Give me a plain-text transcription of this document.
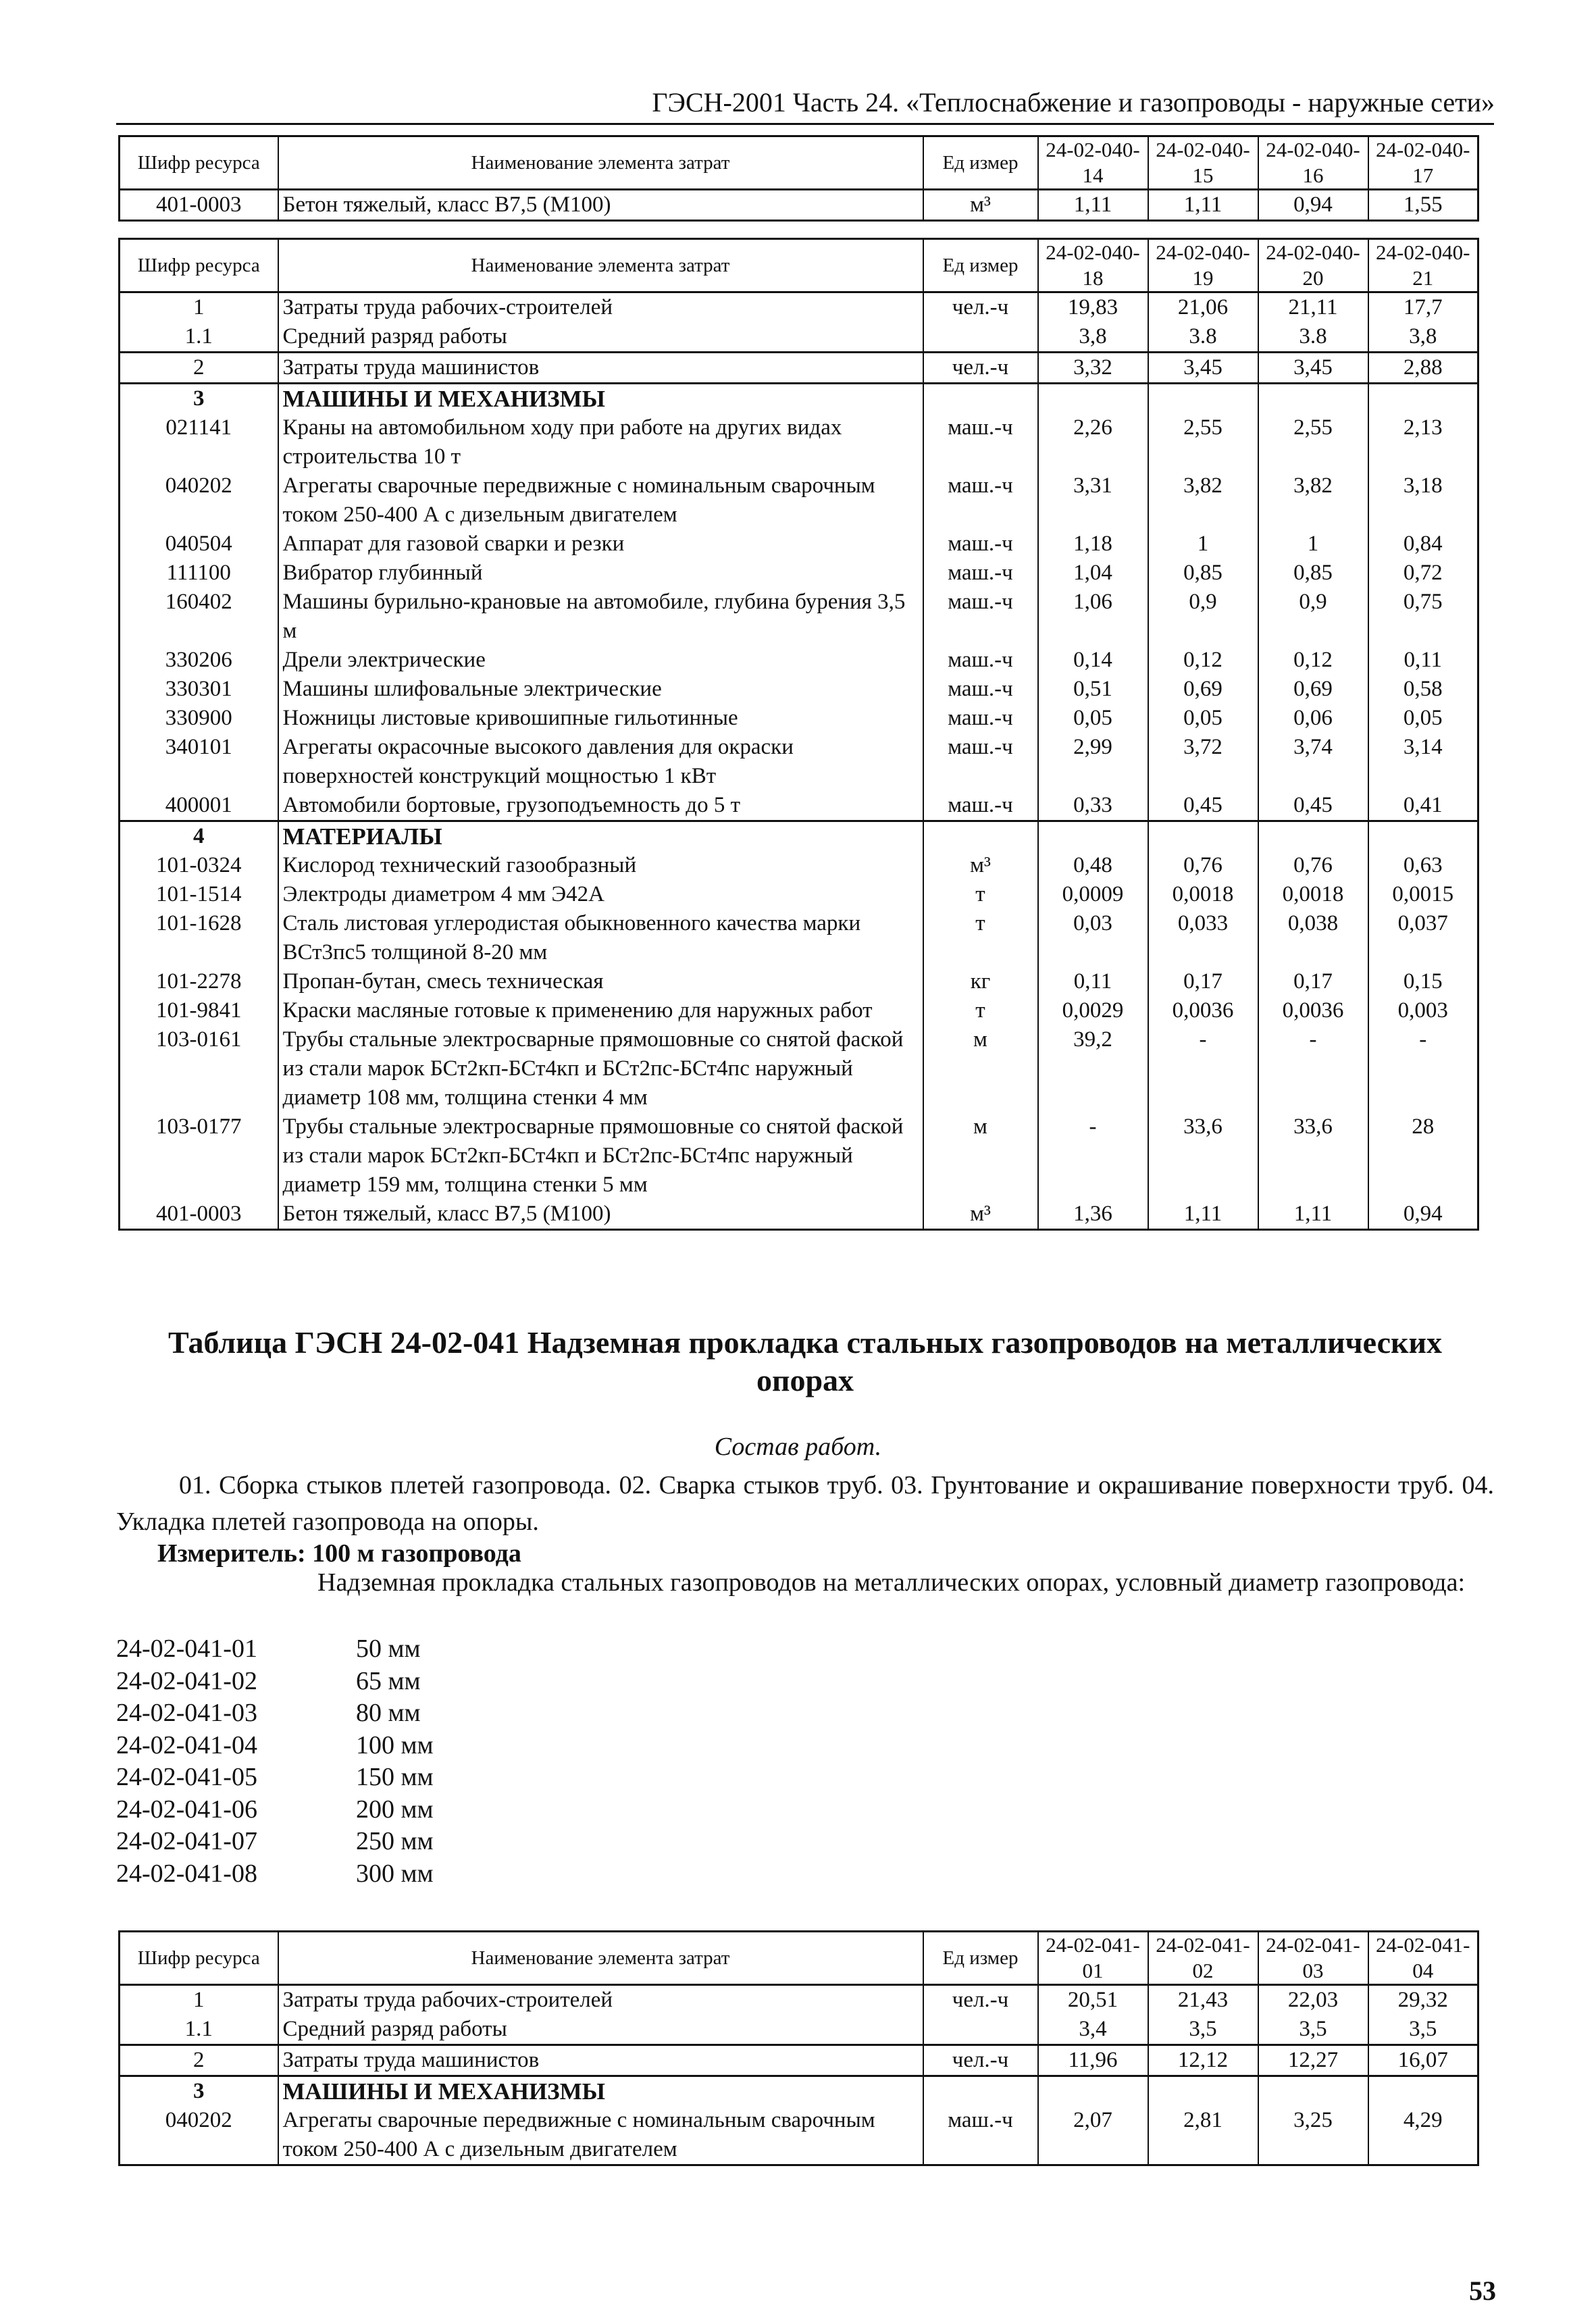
ГЭСН-2001 Часть 24. «Теплоснабжение и газопроводы - наружные сети»
Шифр ресурса	Наименование элемента затрат	Ед измер	24-02-040-14	24-02-040-15	24-02-040-16	24-02-040-17
401-0003	Бетон тяжелый, класс В7,5 (М100)	м³	1,11	1,11	0,94	1,55
Шифр ресурса	Наименование элемента затрат	Ед измер	24-02-040-18	24-02-040-19	24-02-040-20	24-02-040-21
1	Затраты труда рабочих-строителей	чел.-ч	19,83	21,06	21,11	17,7
1.1	Средний разряд работы		3,8	3.8	3.8	3,8
2	Затраты труда машинистов	чел.-ч	3,32	3,45	3,45	2,88
3	МАШИНЫ И МЕХАНИЗМЫ					
021141	Краны на автомобильном ходу при работе на других видах строительства 10 т	маш.-ч	2,26	2,55	2,55	2,13
040202	Агрегаты сварочные передвижные с номинальным сварочным током 250-400 А с дизельным двигателем	маш.-ч	3,31	3,82	3,82	3,18
040504	Аппарат для газовой сварки и резки	маш.-ч	1,18	1	1	0,84
111100	Вибратор глубинный	маш.-ч	1,04	0,85	0,85	0,72
160402	Машины бурильно-крановые на автомобиле, глубина бурения 3,5 м	маш.-ч	1,06	0,9	0,9	0,75
330206	Дрели электрические	маш.-ч	0,14	0,12	0,12	0,11
330301	Машины шлифовальные электрические	маш.-ч	0,51	0,69	0,69	0,58
330900	Ножницы листовые кривошипные гильотинные	маш.-ч	0,05	0,05	0,06	0,05
340101	Агрегаты окрасочные высокого давления для окраски поверхностей конструкций мощностью 1 кВт	маш.-ч	2,99	3,72	3,74	3,14
400001	Автомобили бортовые, грузоподъемность до 5 т	маш.-ч	0,33	0,45	0,45	0,41
4	МАТЕРИАЛЫ					
101-0324	Кислород технический газообразный	м³	0,48	0,76	0,76	0,63
101-1514	Электроды диаметром 4 мм Э42А	т	0,0009	0,0018	0,0018	0,0015
101-1628	Сталь листовая углеродистая обыкновенного качества марки ВСт3пс5 толщиной 8-20 мм	т	0,03	0,033	0,038	0,037
101-2278	Пропан-бутан, смесь техническая	кг	0,11	0,17	0,17	0,15
101-9841	Краски масляные готовые к применению для наружных работ	т	0,0029	0,0036	0,0036	0,003
103-0161	Трубы стальные электросварные прямошовные со снятой фаской из стали марок БСт2кп-БСт4кп и БСт2пс-БСт4пс наружный диаметр 108 мм, толщина стенки 4 мм	м	39,2	-	-	-
103-0177	Трубы стальные электросварные прямошовные со снятой фаской из стали марок БСт2кп-БСт4кп и БСт2пс-БСт4пс наружный диаметр 159 мм, толщина стенки 5 мм	м	-	33,6	33,6	28
401-0003	Бетон тяжелый, класс В7,5 (М100)	м³	1,36	1,11	1,11	0,94
Таблица ГЭСН 24-02-041 Надземная прокладка стальных газопроводов на металлических опорах
Состав работ.
01. Сборка стыков плетей газопровода. 02. Сварка стыков труб. 03. Грунтование и окрашивание поверхности труб. 04. Укладка плетей газопровода на опоры.
Измеритель: 100 м газопровода
Надземная прокладка стальных газопроводов на металлических опорах, условный диаметр газопровода:
24-02-041-01	50 мм
24-02-041-02	65 мм
24-02-041-03	80 мм
24-02-041-04	100 мм
24-02-041-05	150 мм
24-02-041-06	200 мм
24-02-041-07	250 мм
24-02-041-08	300 мм
Шифр ресурса	Наименование элемента затрат	Ед измер	24-02-041-01	24-02-041-02	24-02-041-03	24-02-041-04
1	Затраты труда рабочих-строителей	чел.-ч	20,51	21,43	22,03	29,32
1.1	Средний разряд работы		3,4	3,5	3,5	3,5
2	Затраты труда машинистов	чел.-ч	11,96	12,12	12,27	16,07
3	МАШИНЫ И МЕХАНИЗМЫ					
040202	Агрегаты сварочные передвижные с номинальным сварочным током 250-400 А с дизельным двигателем	маш.-ч	2,07	2,81	3,25	4,29
53
